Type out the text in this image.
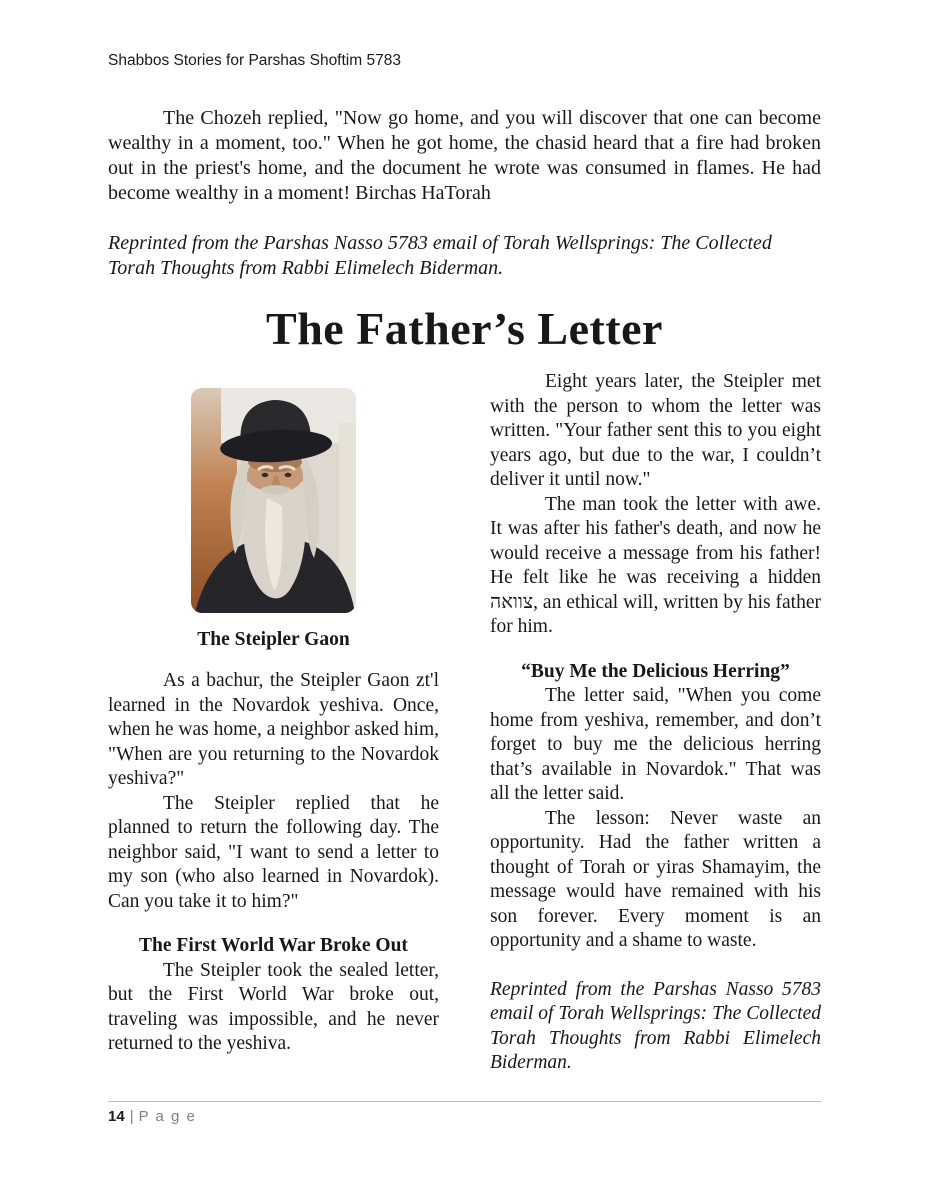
Shabbos Stories for Parshas Shoftim 5783

The Chozeh replied, "Now go home, and you will discover that one can become wealthy in a moment, too." When he got home, the chasid heard that a fire had broken out in the priest's home, and the document he wrote was consumed in flames. He had become wealthy in a moment! Birchas HaTorah

Reprinted from the Parshas Nasso 5783 email of Torah Wellsprings: The Collected Torah Thoughts from Rabbi Elimelech Biderman.
The Father’s Letter
The Steipler Gaon

As a bachur, the Steipler Gaon zt'l learned in the Novardok yeshiva. Once, when he was home, a neighbor asked him, "When are you returning to the Novardok yeshiva?"

The Steipler replied that he planned to return the following day. The neighbor said, "I want to send a letter to my son (who also learned in Novardok). Can you take it to him?"

The First World War Broke Out

The Steipler took the sealed letter, but the First World War broke out, traveling was impossible, and he never returned to the yeshiva.

Eight years later, the Steipler met with the person to whom the letter was written. "Your father sent this to you eight years ago, but due to the war, I couldn’t deliver it until now."

The man took the letter with awe. It was after his father's death, and now he would receive a message from his father! He felt like he was receiving a hidden צוואה, an ethical will, written by his father for him.

“Buy Me the Delicious Herring”

The letter said, "When you come home from yeshiva, remember, and don’t forget to buy me the delicious herring that’s available in Novardok." That was all the letter said.

The lesson: Never waste an opportunity. Had the father written a thought of Torah or yiras Shamayim, the message would have remained with his son forever. Every moment is an opportunity and a shame to waste.

Reprinted from the Parshas Nasso 5783 email of Torah Wellsprings: The Collected Torah Thoughts from Rabbi Elimelech Biderman.

14 | P a g e
